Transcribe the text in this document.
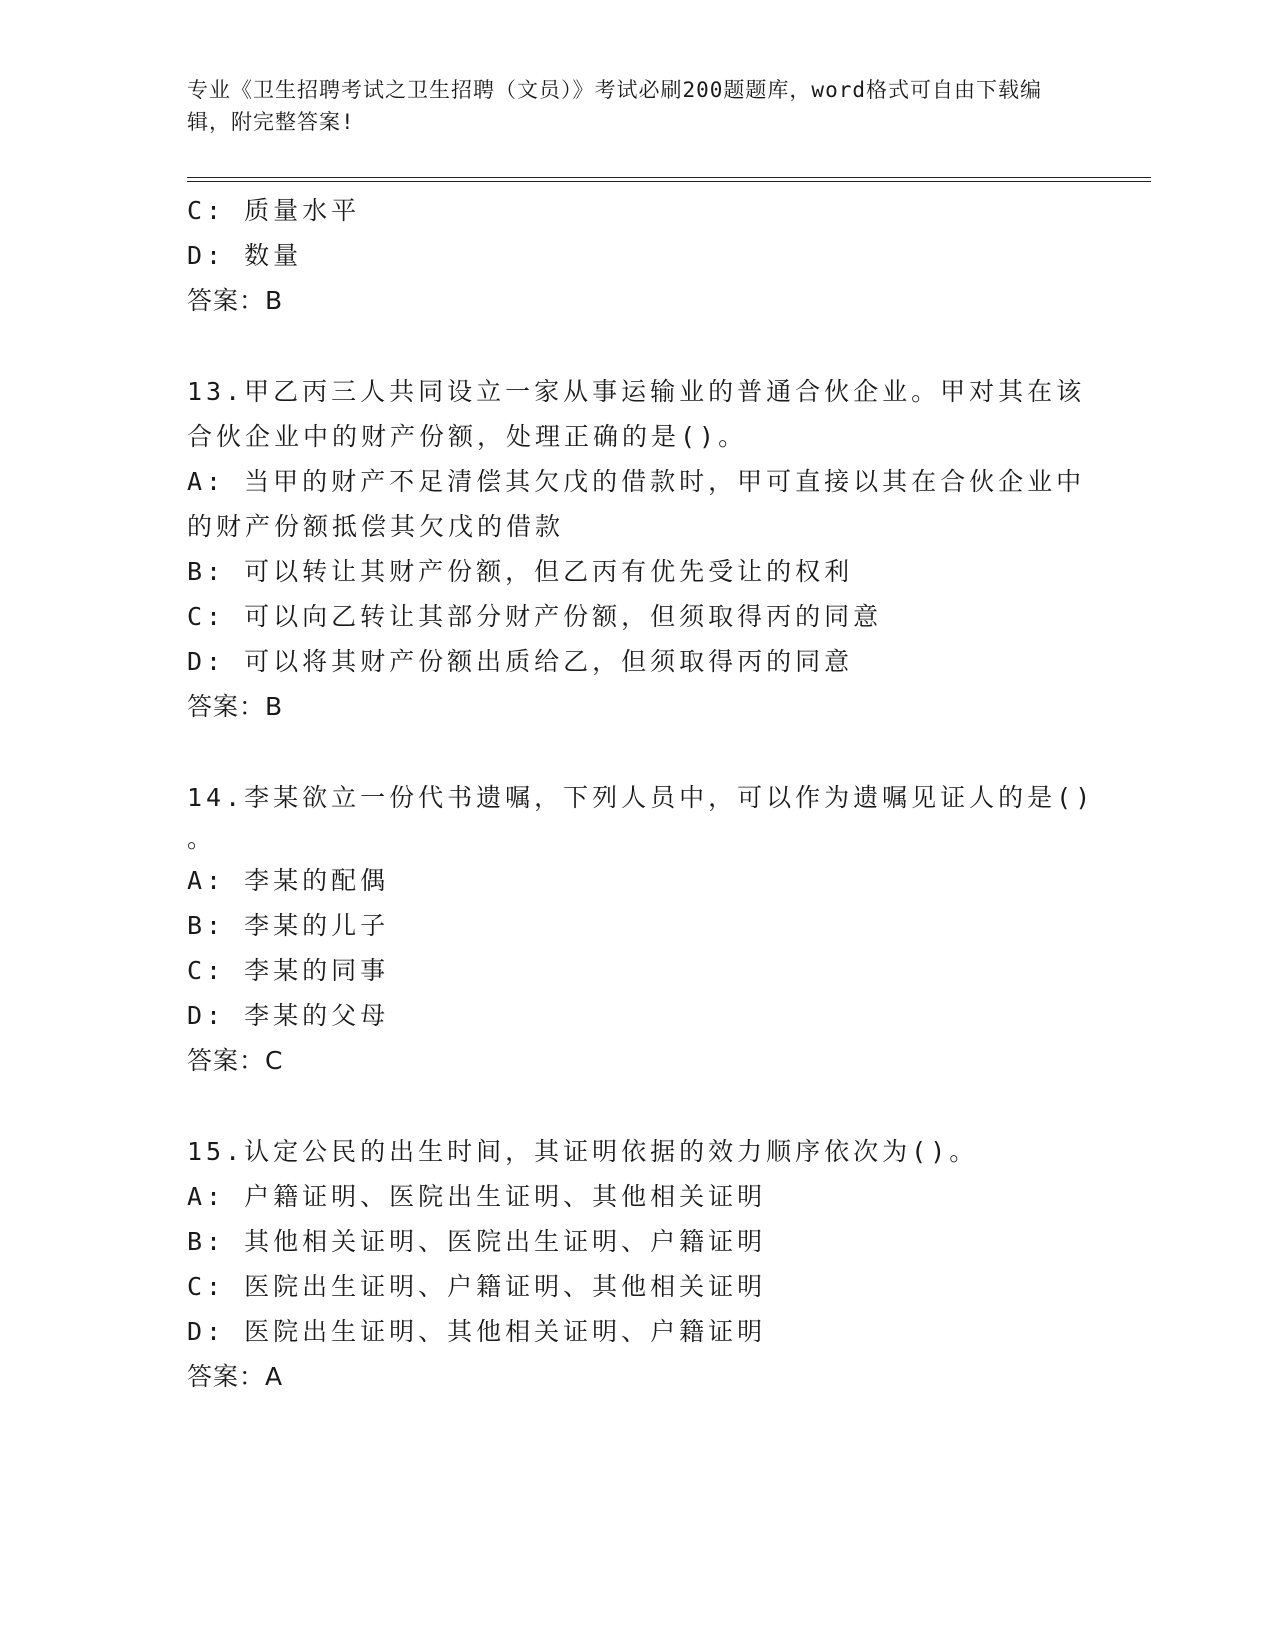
专业《卫生招聘考试之卫生招聘（文员）》考试必刷200题题库，word格式可自由下载编辑，附完整答案!
C: 质量水平
D: 数量
答案：B
13.甲乙丙三人共同设立一家从事运输业的普通合伙企业。甲对其在该
合伙企业中的财产份额，处理正确的是()。
A: 当甲的财产不足清偿其欠戊的借款时，甲可直接以其在合伙企业中
的财产份额抵偿其欠戊的借款
B: 可以转让其财产份额，但乙丙有优先受让的权利
C: 可以向乙转让其部分财产份额，但须取得丙的同意
D: 可以将其财产份额出质给乙，但须取得丙的同意
答案：B
14.李某欲立一份代书遗嘱，下列人员中，可以作为遗嘱见证人的是()
。
A: 李某的配偶
B: 李某的儿子
C: 李某的同事
D: 李某的父母
答案：C
15.认定公民的出生时间，其证明依据的效力顺序依次为()。
A: 户籍证明、医院出生证明、其他相关证明
B: 其他相关证明、医院出生证明、户籍证明
C: 医院出生证明、户籍证明、其他相关证明
D: 医院出生证明、其他相关证明、户籍证明
答案：A
